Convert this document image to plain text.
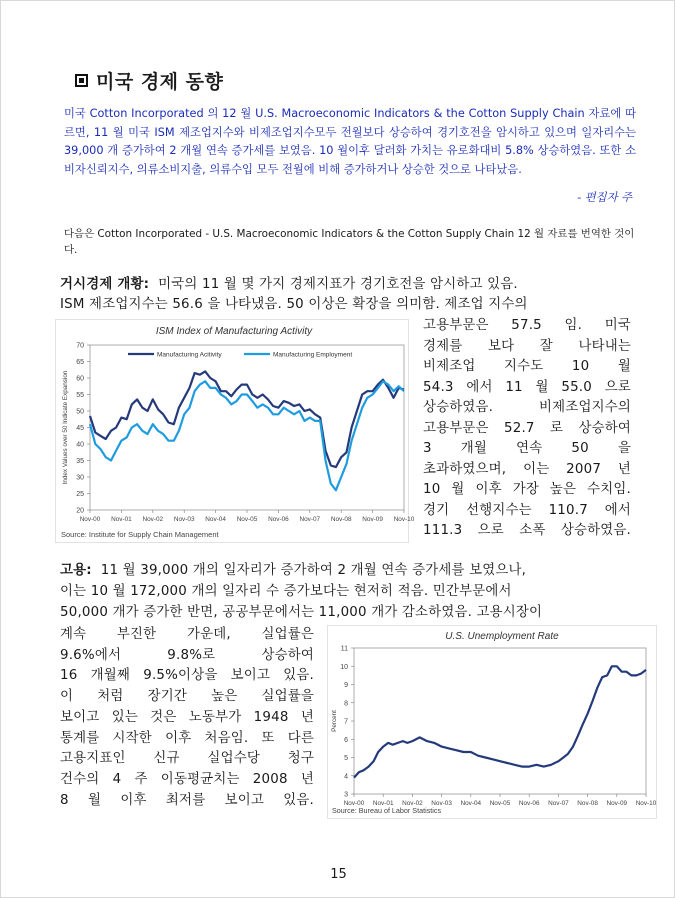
미국 경제 동향

미국 Cotton Incorporated 의 12 월 U.S. Macroeconomic Indicators & the Cotton Supply Chain 자료에 따르면, 11 월 미국 ISM 제조업지수와 비제조업지수모두 전월보다 상승하여 경기호전을 암시하고 있으며 일자리수는 39,000 개 증가하여 2 개월 연속 증가세를 보였음. 10 월이후 달러화 가치는 유로화대비 5.8% 상승하였음. 또한 소비자신뢰지수, 의류소비지출, 의류수입 모두 전월에 비해 증가하거나 상승한 것으로 나타났음.

- 편집자 주
다음은 Cotton Incorporated - U.S. Macroeconomic Indicators & the Cotton Supply Chain 12 월 자료를 번역한 것이다.
거시경제 개황: 미국의 11 월 몇 가지 경제지표가 경기호전을 암시하고 있음.
ISM 제조업지수는 56.6 을 나타냈음. 50 이상은 확장을 의미함. 제조업 지수의
ISM Index of Manufacturing Activity
20
25
30
35
40
45
50
55
60
65
70
Nov-00 Nov-01 Nov-02 Nov-03 Nov-04 Nov-05 Nov-06 Nov-07 Nov-08 Nov-09 Nov-10
Index Values over 50 Indicate Expansion
Manufacturing Acitivity	Manufacturing Employment
Source: Institute for Supply Chain Management
고용부문은 57.5 임. 미국
경제를 보다 잘 나타내는
비제조업 지수도 10 월
54.3 에서 11 월 55.0 으로
상승하였음. 비제조업지수의
고용부문은 52.7 로 상승하여
3 개월 연속 50 을
초과하였으며, 이는 2007 년
10 월 이후 가장 높은 수치임.
경기 선행지수는 110.7 에서
111.3 으로 소폭 상승하였음.
고용: 11 월 39,000 개의 일자리가 증가하여 2 개월 연속 증가세를 보였으나,
이는 10 월 172,000 개의 일자리 수 증가보다는 현저히 적음. 민간부문에서
50,000 개가 증가한 반면, 공공부문에서는 11,000 개가 감소하였음. 고용시장이
계속 부진한 가운데, 실업률은
9.6%에서 9.8%로 상승하여
16 개월째 9.5%이상을 보이고 있음.
이 처럼 장기간 높은 실업률을
보이고 있는 것은 노동부가 1948 년
통계를 시작한 이후 처음임. 또 다른
고용지표인 신규 실업수당 청구
건수의 4 주 이동평균치는 2008 년
8 월 이후 최저를 보이고 있음.
U.S. Unemployment Rate
3
4
5
6
7
8
9
10
11
Nov-00 Nov-01 Nov-02 Nov-03 Nov-04 Nov-05 Nov-06 Nov-07 Nov-08 Nov-09 Nov-10
Percent
Source: Bureau of Labor Statistics
15
